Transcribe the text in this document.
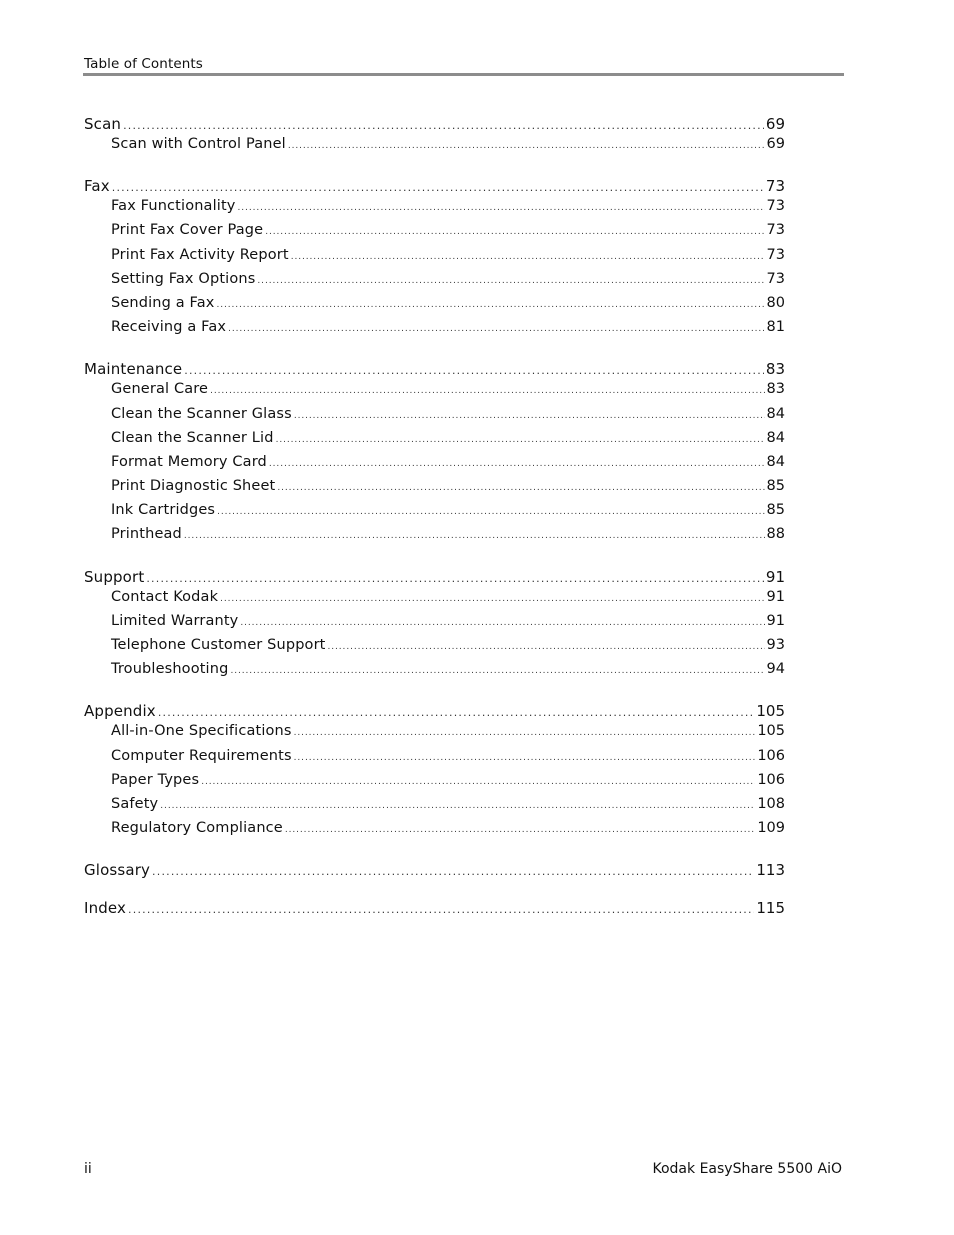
Table of Contents
Scan .....	69
Scan with Control Panel .....	69
Fax .....	73
Fax Functionality .....	73
Print Fax Cover Page .....	73
Print Fax Activity Report .....	73
Setting Fax Options .....	73
Sending a Fax .....	80
Receiving a Fax .....	81
Maintenance .....	83
General Care .....	83
Clean the Scanner Glass .....	84
Clean the Scanner Lid .....	84
Format Memory Card .....	84
Print Diagnostic Sheet .....	85
Ink Cartridges .....	85
Printhead .....	88
Support .....	91
Contact Kodak .....	91
Limited Warranty .....	91
Telephone Customer Support .....	93
Troubleshooting .....	94
Appendix .....	105
All-in-One Specifications .....	105
Computer Requirements .....	106
Paper Types .....	106
Safety .....	108
Regulatory Compliance .....	109
Glossary .....	113
Index .....	115
ii	Kodak EasyShare 5500 AiO
